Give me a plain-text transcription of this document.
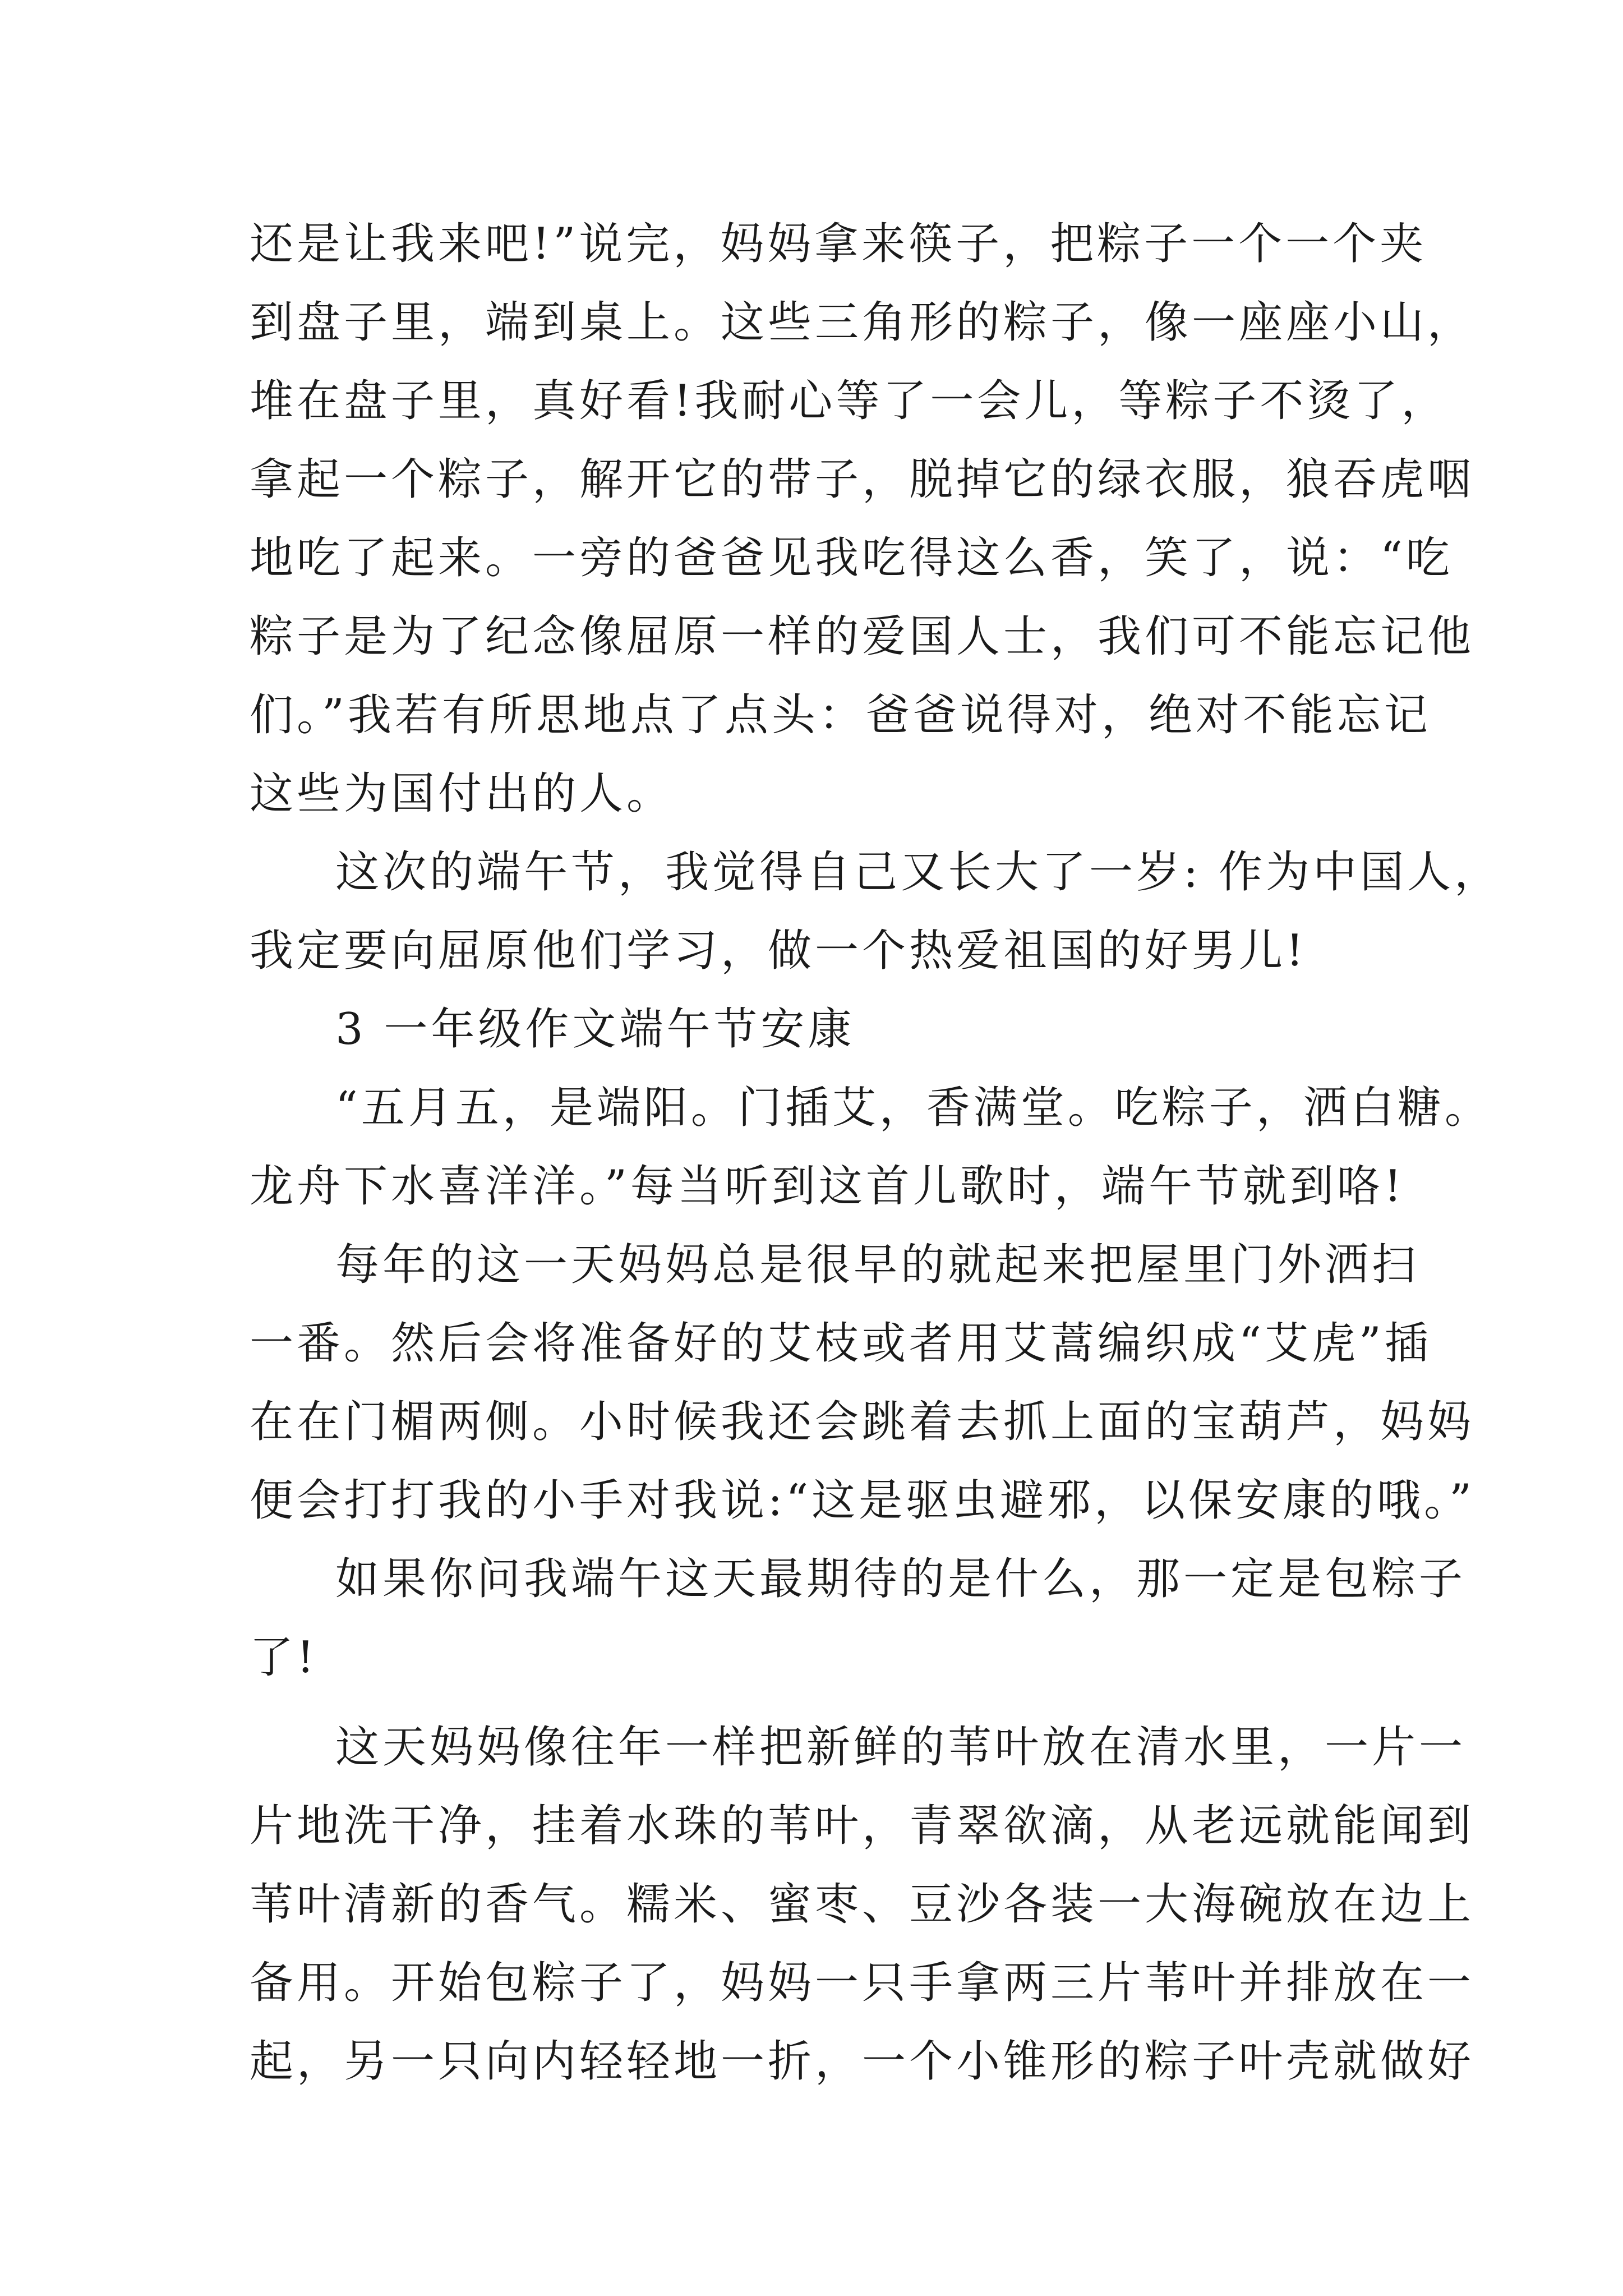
还是让我来吧!”说完，妈妈拿来筷子，把粽子一个一个夹
到盘子里，端到桌上。这些三角形的粽子，像一座座小山，
堆在盘子里，真好看!我耐心等了一会儿，等粽子不烫了，
拿起一个粽子，解开它的带子，脱掉它的绿衣服，狼吞虎咽
地吃了起来。一旁的爸爸见我吃得这么香，笑了，说：“吃
粽子是为了纪念像屈原一样的爱国人士，我们可不能忘记他
们。”我若有所思地点了点头：爸爸说得对，绝对不能忘记
这些为国付出的人。
这次的端午节，我觉得自己又长大了一岁: 作为中国人，
我定要向屈原他们学习，做一个热爱祖国的好男儿!
3 一年级作文端午节安康
“五月五，是端阳。门插艾，香满堂。吃粽子，洒白糖。
龙舟下水喜洋洋。”每当听到这首儿歌时，端午节就到咯!
每年的这一天妈妈总是很早的就起来把屋里门外洒扫
一番。然后会将准备好的艾枝或者用艾蒿编织成“艾虎”插
在在门楣两侧。小时候我还会跳着去抓上面的宝葫芦，妈妈
便会打打我的小手对我说:“这是驱虫避邪，以保安康的哦。”
如果你问我端午这天最期待的是什么，那一定是包粽子
了!
这天妈妈像往年一样把新鲜的苇叶放在清水里，一片一
片地洗干净，挂着水珠的苇叶，青翠欲滴，从老远就能闻到
苇叶清新的香气。糯米、蜜枣、豆沙各装一大海碗放在边上
备用。开始包粽子了，妈妈一只手拿两三片苇叶并排放在一
起，另一只向内轻轻地一折，一个小锥形的粽子叶壳就做好
